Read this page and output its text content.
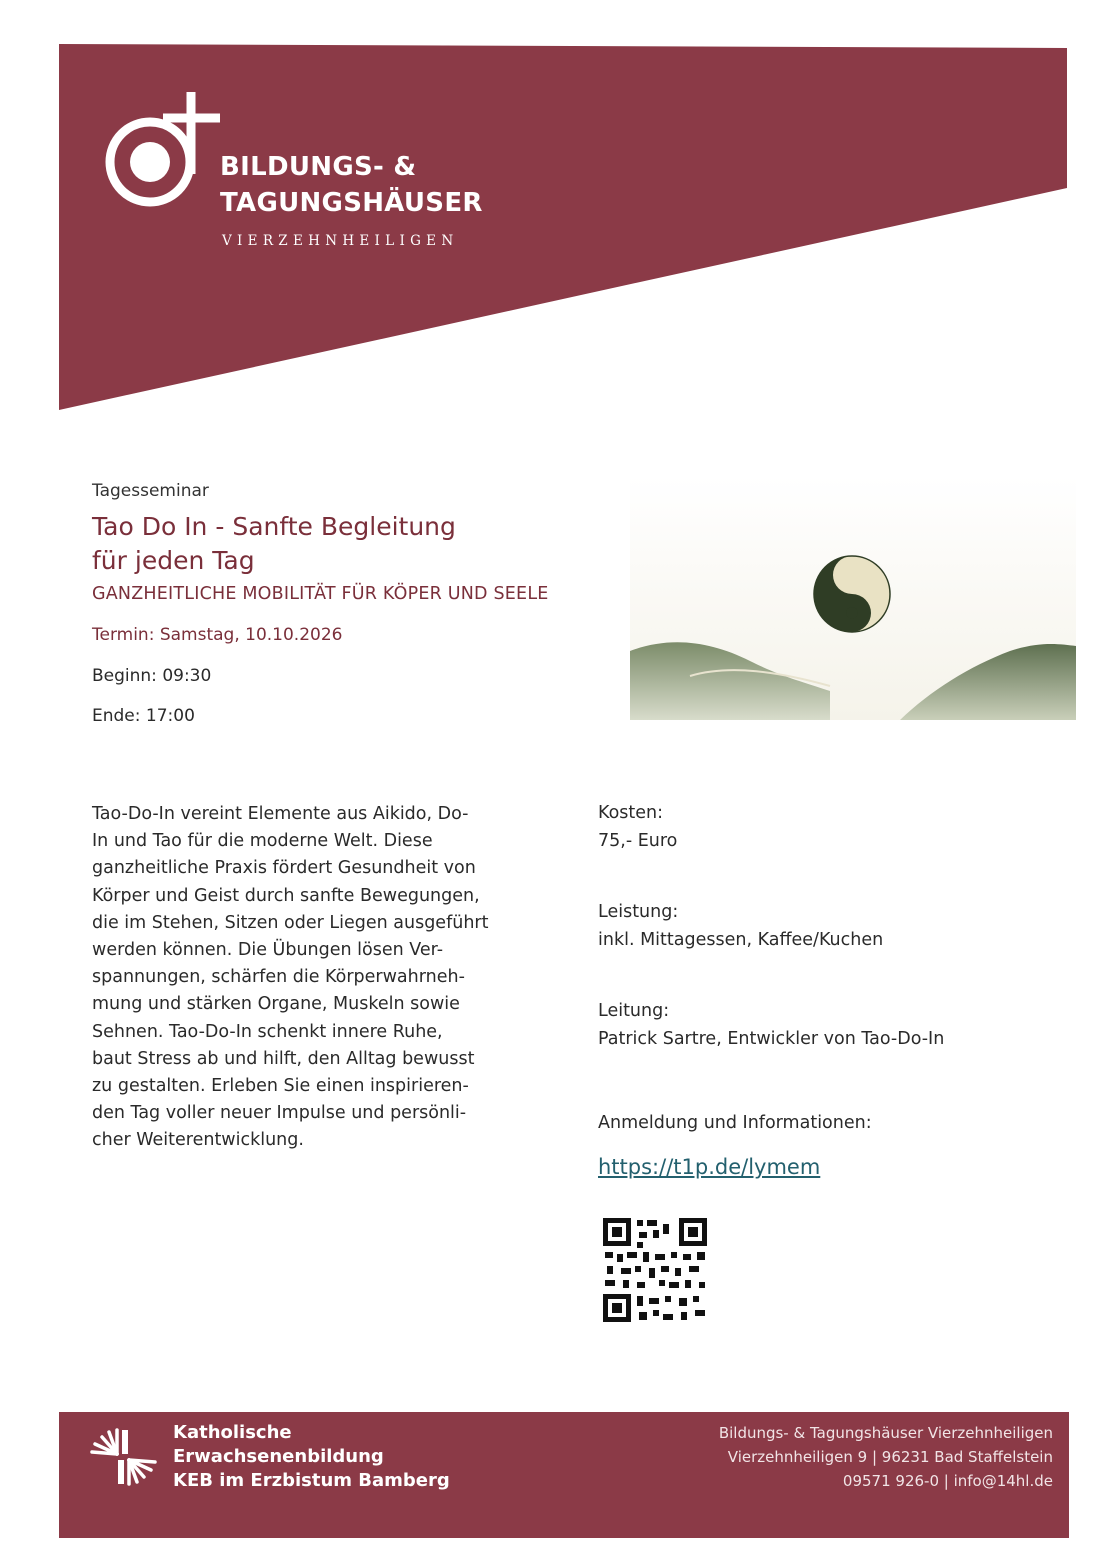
BILDUNGS- &
TAGUNGSHÄUSER
VIERZEHNHEILIGEN
Tagesseminar
Tao Do In - Sanfte Begleitung
für jeden Tag
GANZHEITLICHE MOBILITÄT FÜR KÖPER UND SEELE
Termin: Samstag, 10.10.2026
Beginn: 09:30
Ende: 17:00
Tao-Do-In vereint Elemente aus Aikido, Do-
In und Tao für die moderne Welt. Diese
ganzheitliche Praxis fördert Gesundheit von
Körper und Geist durch sanfte Bewegungen,
die im Stehen, Sitzen oder Liegen ausgeführt
werden können. Die Übungen lösen Ver-
spannungen, schärfen die Körperwahrneh-
mung und stärken Organe, Muskeln sowie
Sehnen. Tao-Do-In schenkt innere Ruhe,
baut Stress ab und hilft, den Alltag bewusst
zu gestalten. Erleben Sie einen inspirieren-
den Tag voller neuer Impulse und persönli-
cher Weiterentwicklung.
Kosten:
75,- Euro
Leistung:
inkl. Mittagessen, Kaffee/Kuchen
Leitung:
Patrick Sartre, Entwickler von Tao-Do-In
Anmeldung und Informationen:
https://t1p.de/lymem
Katholische
Erwachsenenbildung
KEB im Erzbistum Bamberg
Bildungs- & Tagungshäuser Vierzehnheiligen
Vierzehnheiligen 9 | 96231 Bad Staffelstein
09571 926-0 | info@14hl.de
